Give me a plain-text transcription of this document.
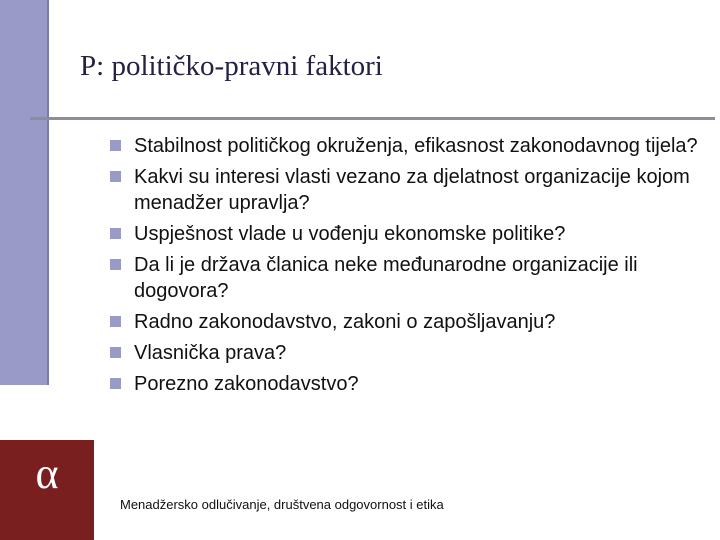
α
P: političko-pravni faktori
Stabilnost političkog okruženja, efikasnost zakonodavnog tijela?
Kakvi su interesi vlasti vezano za djelatnost organizacije kojom menadžer upravlja?
Uspješnost vlade u vođenju ekonomske politike?
Da li je država članica neke međunarodne organizacije ili dogovora?
Radno zakonodavstvo, zakoni o zapošljavanju?
Vlasnička prava?
Porezno zakonodavstvo?
Menadžersko odlučivanje, društvena odgovornost i etika
